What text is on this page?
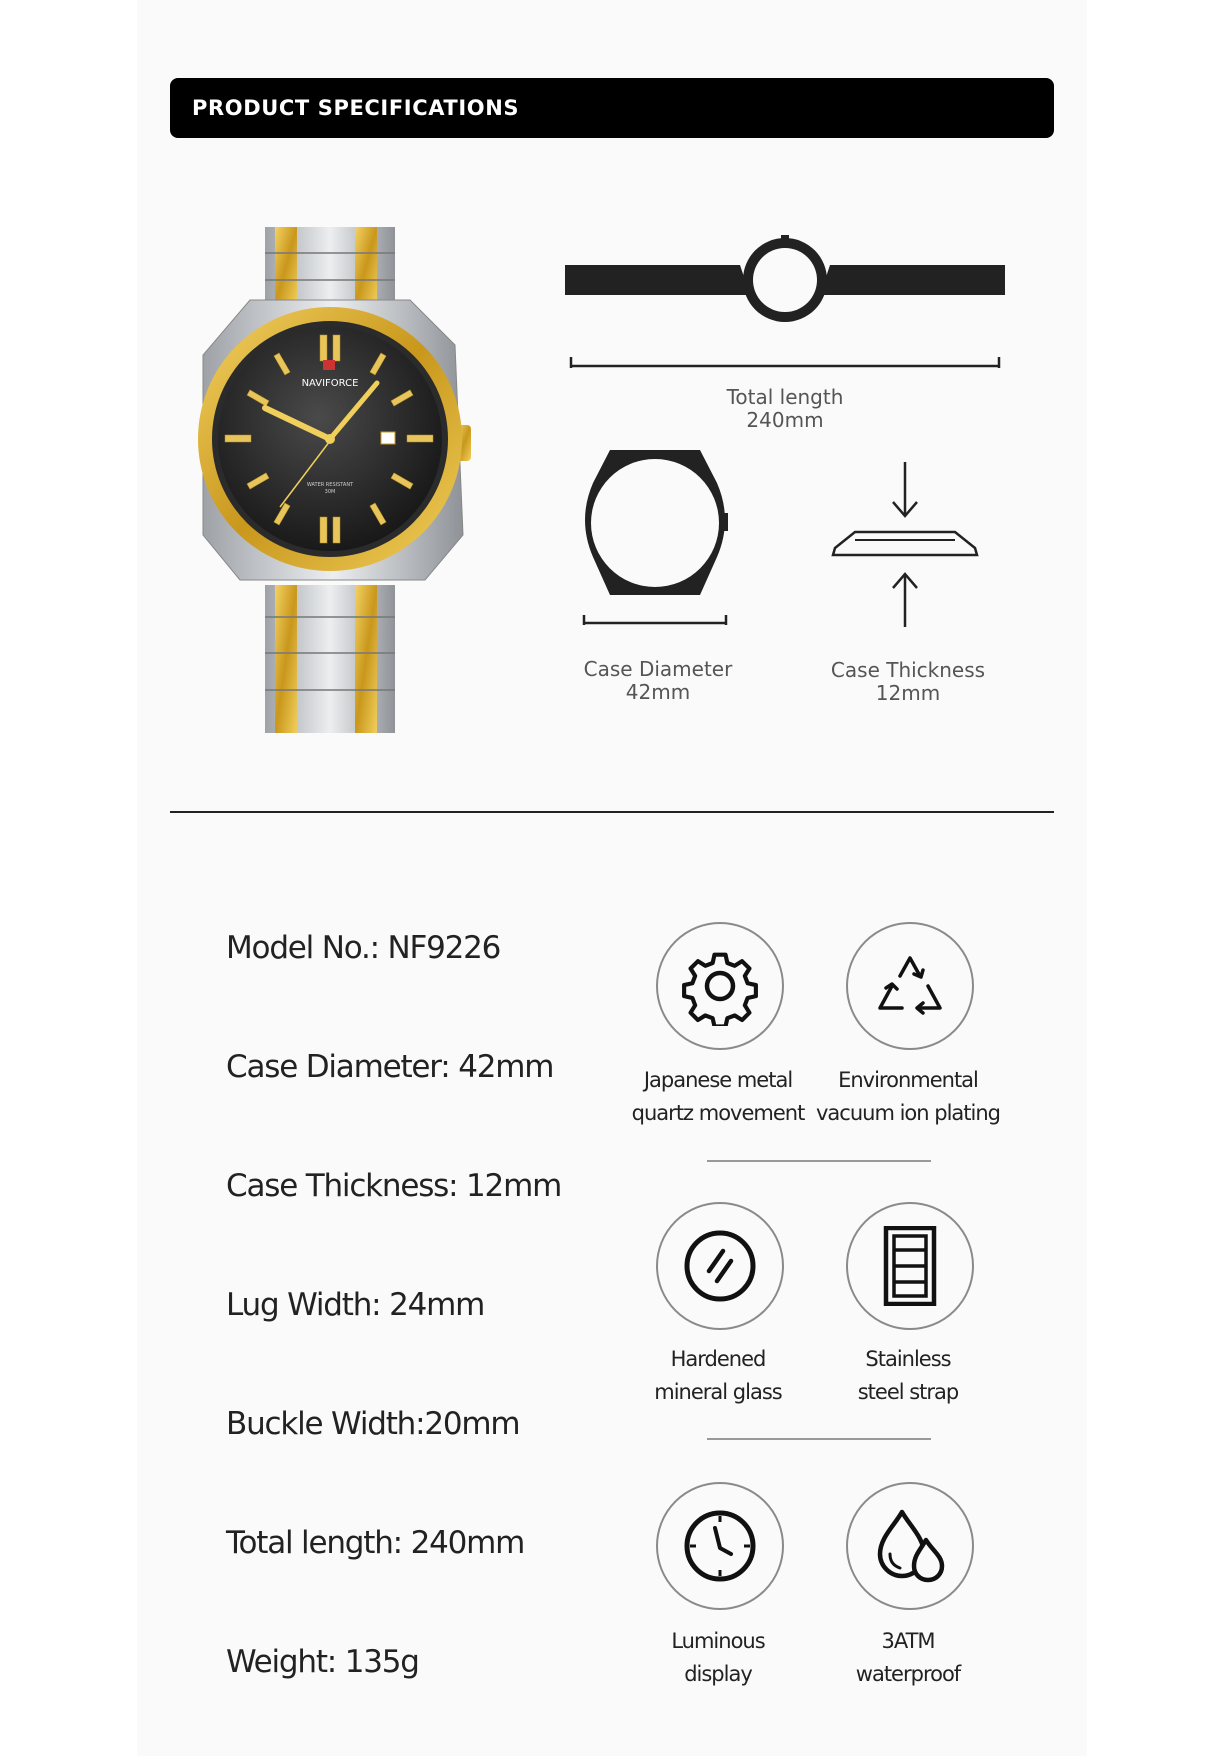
PRODUCT SPECIFICATIONS
NAVIFORCE
WATER RESISTANT
30M
Total length
240mm
Case Diameter
42mm
Case Thickness
12mm
Model No.: NF9226
Case Diameter: 42mm
Case Thickness: 12mm
Lug Width: 24mm
Buckle Width:20mm
Total length: 240mm
Weight: 135g
Japanese metal
quartz movement
Environmental
vacuum ion plating
Hardened
mineral glass
Stainless
steel strap
Luminous
display
3ATM
waterproof
